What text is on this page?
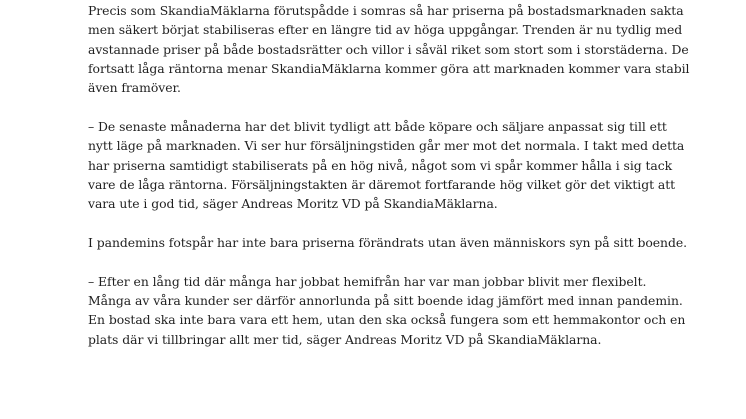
Precis som SkandiaMäklarna förutspådde i somras så har priserna på bostadsmarknaden sakta men säkert börjat stabiliseras efter en längre tid av höga uppgångar. Trenden är nu tydlig med avstannade priser på både bostadsrätter och villor i såväl riket som stort som i storstäderna. De fortsatt låga räntorna menar SkandiaMäklarna kommer göra att marknaden kommer vara stabil även framöver.

– De senaste månaderna har det blivit tydligt att både köpare och säljare anpassat sig till ett nytt läge på marknaden. Vi ser hur försäljningstiden går mer mot det normala. I takt med detta har priserna samtidigt stabiliserats på en hög nivå, något som vi spår kommer hålla i sig tack vare de låga räntorna. Försäljningstakten är däremot fortfarande hög vilket gör det viktigt att vara ute i god tid, säger Andreas Moritz VD på SkandiaMäklarna.

I pandemins fotspår har inte bara priserna förändrats utan även människors syn på sitt boende.

– Efter en lång tid där många har jobbat hemifrån har var man jobbar blivit mer flexibelt. Många av våra kunder ser därför annorlunda på sitt boende idag jämfört med innan pandemin. En bostad ska inte bara vara ett hem, utan den ska också fungera som ett hemmakontor och en plats där vi tillbringar allt mer tid, säger Andreas Moritz VD på SkandiaMäklarna.
